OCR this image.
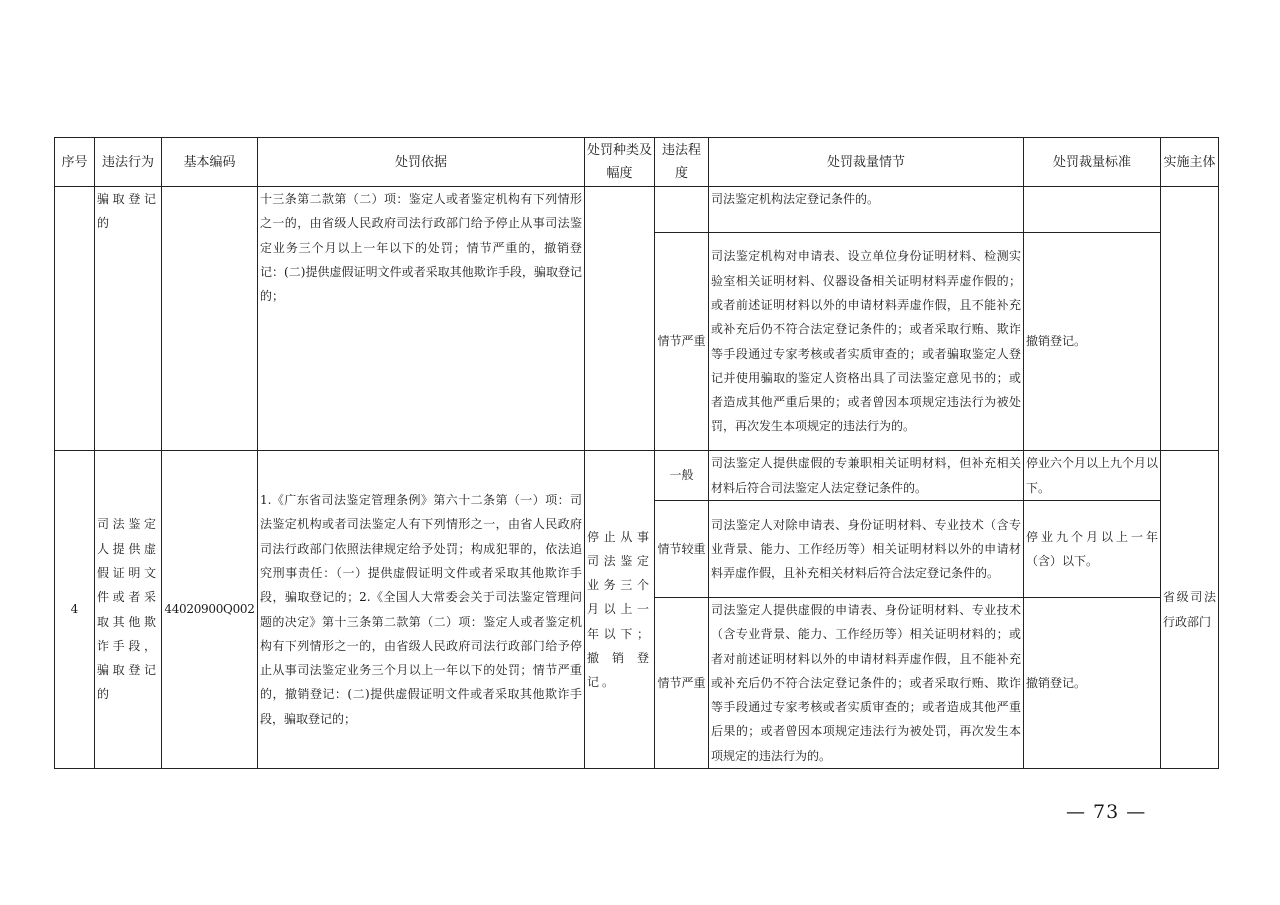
序号	违法行为	基本编码	处罚依据	处罚种类及幅度	违法程度	处罚裁量情节	处罚裁量标准	实施主体
	骗取登记的		十三条第二款第（二）项：鉴定人或者鉴定机构有下列情形之一的，由省级人民政府司法行政部门给予停止从事司法鉴定业务三个月以上一年以下的处罚；情节严重的，撤销登记：(二)提供虚假证明文件或者采取其他欺诈手段，骗取登记的；			司法鉴定机构法定登记条件的。		
					情节严重	司法鉴定机构对申请表、设立单位身份证明材料、检测实验室相关证明材料、仪器设备相关证明材料弄虚作假的；或者前述证明材料以外的申请材料弄虚作假，且不能补充或补充后仍不符合法定登记条件的；或者采取行贿、欺诈等手段通过专家考核或者实质审查的；或者骗取鉴定人登记并使用骗取的鉴定人资格出具了司法鉴定意见书的；或者造成其他严重后果的；或者曾因本项规定违法行为被处罚，再次发生本项规定的违法行为的。	撤销登记。	
4	司法鉴定人提供虚假证明文件或者采取其他欺诈手段，骗取登记的	44020900Q002	1.《广东省司法鉴定管理条例》第六十二条第（一）项：司法鉴定机构或者司法鉴定人有下列情形之一，由省人民政府司法行政部门依照法律规定给予处罚；构成犯罪的，依法追究刑事责任：（一）提供虚假证明文件或者采取其他欺诈手段，骗取登记的；2.《全国人大常委会关于司法鉴定管理问题的决定》第十三条第二款第（二）项：鉴定人或者鉴定机构有下列情形之一的，由省级人民政府司法行政部门给予停止从事司法鉴定业务三个月以上一年以下的处罚；情节严重的，撤销登记：(二)提供虚假证明文件或者采取其他欺诈手段，骗取登记的；	停止从事司法鉴定业务三个月以上一年以下；撤销登记。	一般	司法鉴定人提供虚假的专兼职相关证明材料，但补充相关材料后符合司法鉴定人法定登记条件的。	停业六个月以上九个月以下。	省级司法行政部门
					情节较重	司法鉴定人对除申请表、身份证明材料、专业技术（含专业背景、能力、工作经历等）相关证明材料以外的申请材料弄虚作假，且补充相关材料后符合法定登记条件的。	停业九个月以上一年（含）以下。	
					情节严重	司法鉴定人提供虚假的申请表、身份证明材料、专业技术（含专业背景、能力、工作经历等）相关证明材料的；或者对前述证明材料以外的申请材料弄虚作假，且不能补充或补充后仍不符合法定登记条件的；或者采取行贿、欺诈等手段通过专家考核或者实质审查的；或者造成其他严重后果的；或者曾因本项规定违法行为被处罚，再次发生本项规定的违法行为的。	撤销登记。	
— 73 —
